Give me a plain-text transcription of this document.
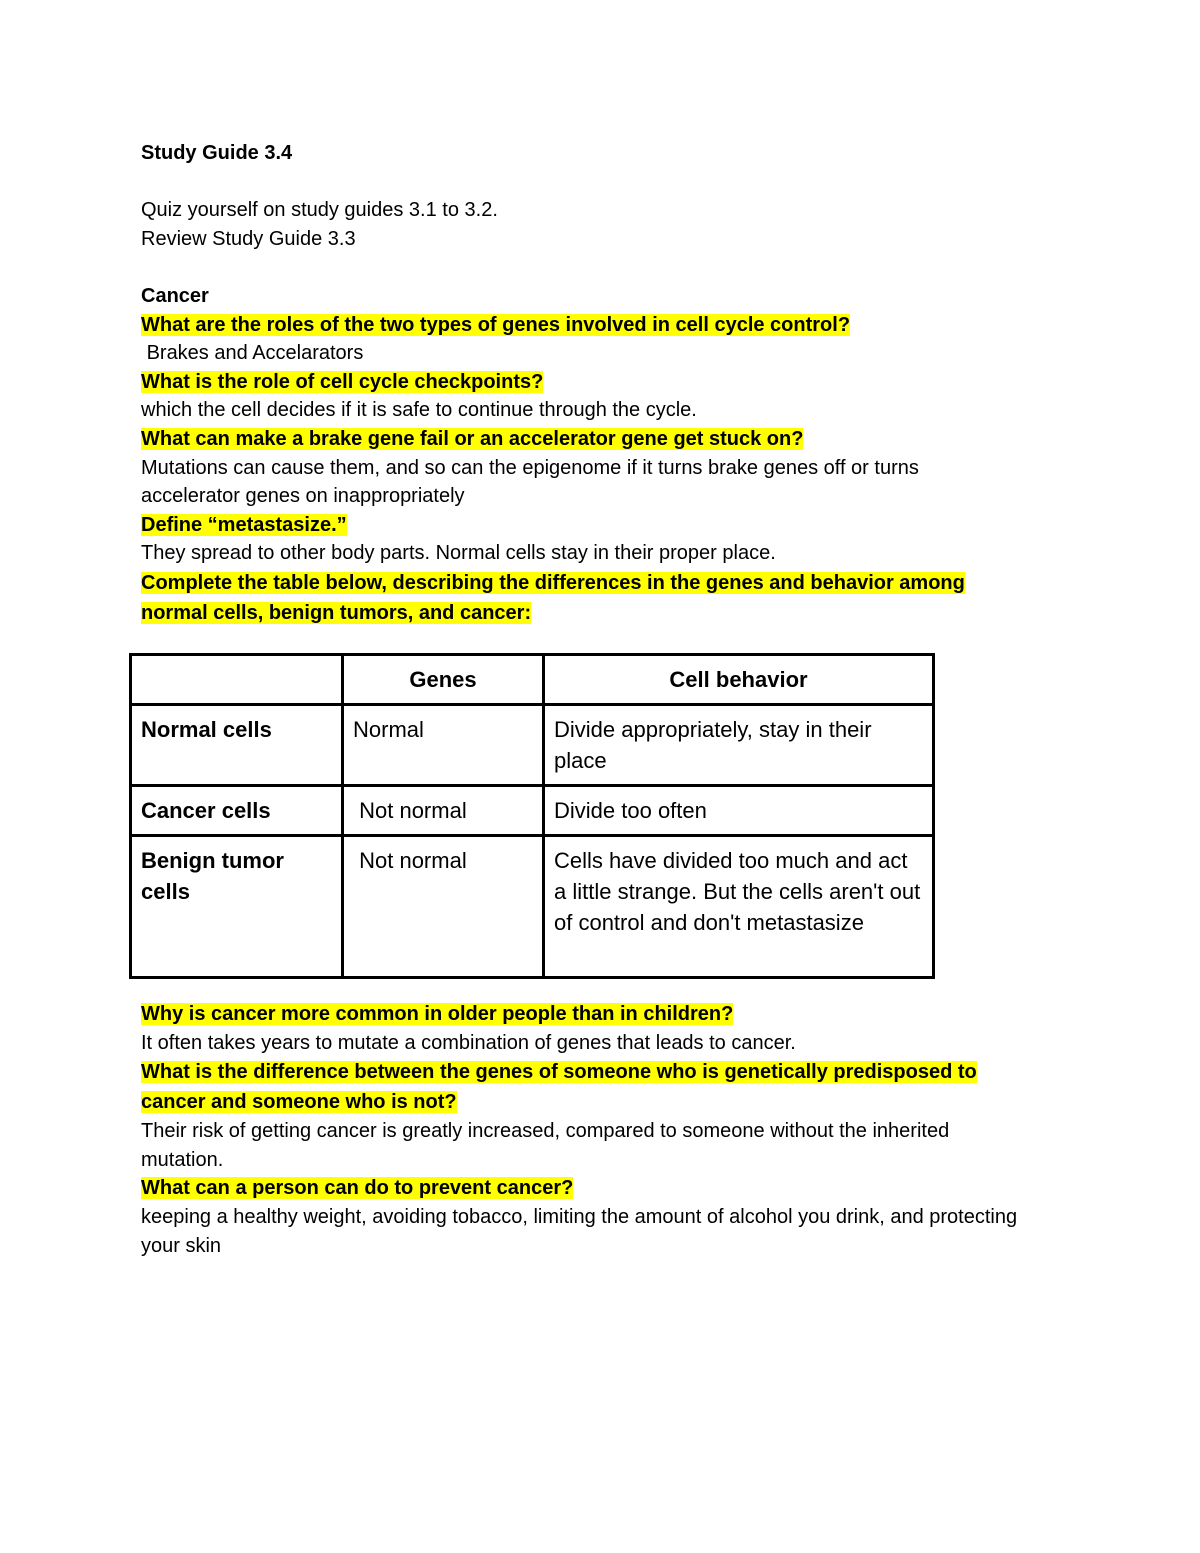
Study Guide 3.4

Quiz yourself on study guides 3.1 to 3.2.

Review Study Guide 3.3

Cancer

What are the roles of the two types of genes involved in cell cycle control?

Brakes and Accelarators

What is the role of cell cycle checkpoints?

which the cell decides if it is safe to continue through the cycle.

What can make a brake gene fail or an accelerator gene get stuck on?

Mutations can cause them, and so can the epigenome if it turns brake genes off or turns accelerator genes on inappropriately

Define “metastasize.”

They spread to other body parts. Normal cells stay in their proper place.

Complete the table below, describing the differences in the genes and behavior among
normal cells, benign tumors, and cancer:

	Genes	Cell behavior
Normal cells	Normal	Divide appropriately, stay in their place
Cancer cells	Not normal	Divide too often
Benign tumor cells	Not normal	Cells have divided too much and act a little strange. But the cells aren't out of control and don't metastasize

Why is cancer more common in older people than in children?

It often takes years to mutate a combination of genes that leads to cancer.

What is the difference between the genes of someone who is genetically predisposed to
cancer and someone who is not?

Their risk of getting cancer is greatly increased, compared to someone without the inherited mutation.

What can a person can do to prevent cancer?

keeping a healthy weight, avoiding tobacco, limiting the amount of alcohol you drink, and protecting your skin
